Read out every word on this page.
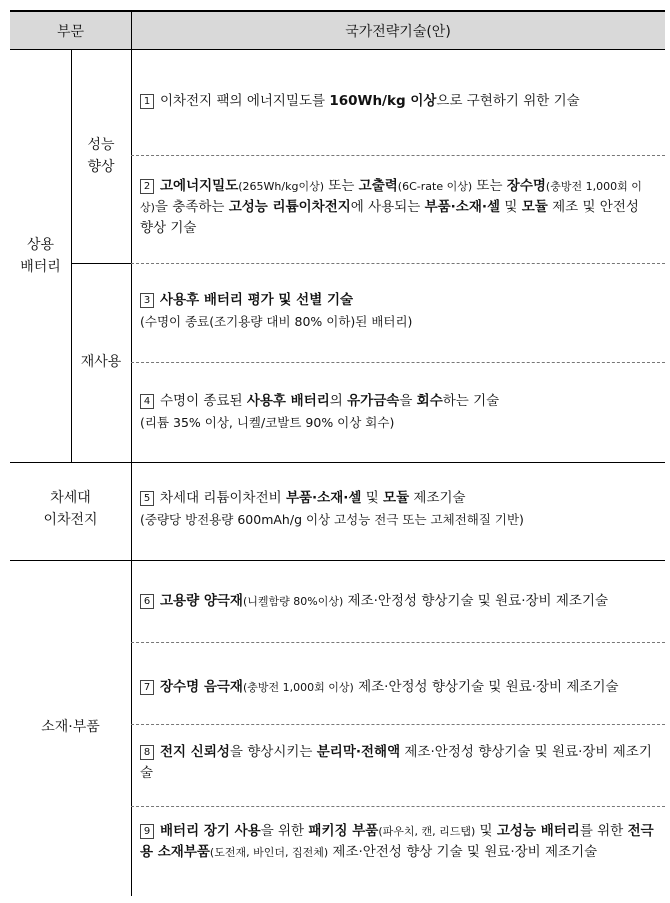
부문	국가전략기술(안)
상용
배터리
성능
향상
재사용
차세대
이차전지
소재·부품
1 이차전지 팩의 에너지밀도를 160Wh/kg 이상으로 구현하기 위한 기술
2 고에너지밀도(265Wh/kg이상) 또는 고출력(6C-rate 이상) 또는 장수명(충방전 1,000회 이상)을 충족하는 고성능 리튬이차전지에 사용되는 부품·소재·셀 및 모듈 제조 및 안전성 향상 기술
3 사용후 배터리 평가 및 선별 기술
(수명이 종료(조기용량 대비 80% 이하)된 배터리)
4 수명이 종료된 사용후 배터리의 유가금속을 회수하는 기술
(리튬 35% 이상, 니켈/코발트 90% 이상 회수)
5 차세대 리튬이차전비 부품·소재·셀 및 모듈 제조기술
(중량당 방전용량 600mAh/g 이상 고성능 전극 또는 고체전해질 기반)
6 고용량 양극재(니켈함량 80%이상) 제조·안정성 향상기술 및 원료·장비 제조기술
7 장수명 음극재(충방전 1,000회 이상) 제조·안정성 향상기술 및 원료·장비 제조기술
8 전지 신뢰성을 향상시키는 분리막·전해액 제조·안정성 향상기술 및 원료·장비 제조기술
9 배터리 장기 사용을 위한 패키징 부품(파우치, 캔, 리드탭) 및 고성능 배터리를 위한 전극용 소재부품(도전재, 바인더, 집전체) 제조·안전성 향상 기술 및 원료·장비 제조기술
